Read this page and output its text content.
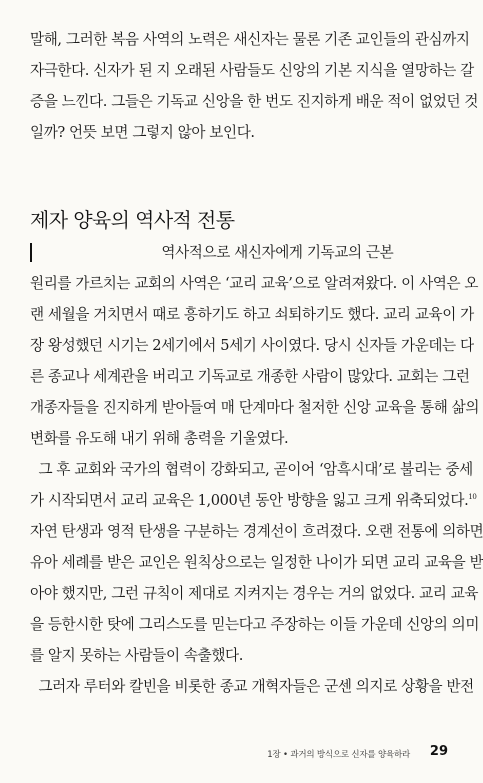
말해, 그러한 복음 사역의 노력은 새신자는 물론 기존 교인들의 관심까지
자극한다. 신자가 된 지 오래된 사람들도 신앙의 기본 지식을 열망하는 갈
증을 느낀다. 그들은 기독교 신앙을 한 번도 진지하게 배운 적이 없었던 것
일까? 언뜻 보면 그렇지 않아 보인다.
제자 양육의 역사적 전통
역사적으로 새신자에게 기독교의 근본
원리를 가르치는 교회의 사역은 ‘교리 교육’으로 알려져왔다. 이 사역은 오
랜 세월을 거치면서 때로 흥하기도 하고 쇠퇴하기도 했다. 교리 교육이 가
장 왕성했던 시기는 2세기에서 5세기 사이였다. 당시 신자들 가운데는 다
른 종교나 세계관을 버리고 기독교로 개종한 사람이 많았다. 교회는 그런
개종자들을 진지하게 받아들여 매 단계마다 철저한 신앙 교육을 통해 삶의
변화를 유도해 내기 위해 총력을 기울였다.
그 후 교회와 국가의 협력이 강화되고, 곧이어 ‘암흑시대’로 불리는 중세
가 시작되면서 교리 교육은 1,000년 동안 방향을 잃고 크게 위축되었다.$^{10}$
자연 탄생과 영적 탄생을 구분하는 경계선이 흐려졌다. 오랜 전통에 의하면
유아 세례를 받은 교인은 원칙상으로는 일정한 나이가 되면 교리 교육을 받
아야 했지만, 그런 규칙이 제대로 지켜지는 경우는 거의 없었다. 교리 교육
을 등한시한 탓에 그리스도를 믿는다고 주장하는 이들 가운데 신앙의 의미
를 알지 못하는 사람들이 속출했다.
그러자 루터와 칼빈을 비롯한 종교 개혁자들은 군센 의지로 상황을 반전
1장 • 과거의 방식으로 신자를 양육하라 29
